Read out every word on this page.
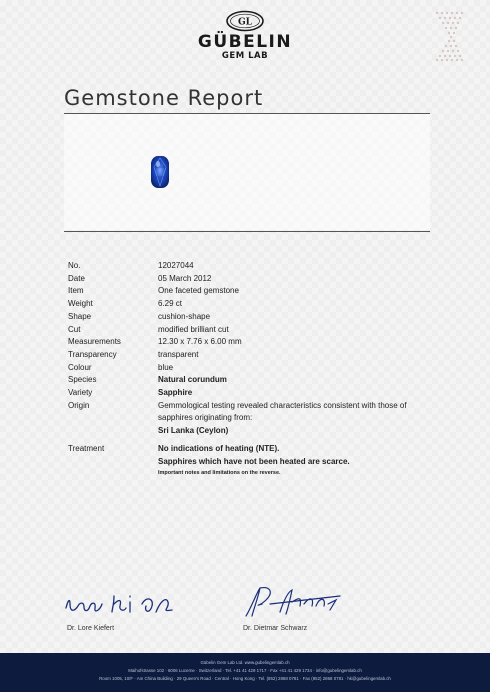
GL
GÜBELIN
GEM LAB
Gemstone Report
No.	12027044
Date	05 March 2012
Item	One faceted gemstone
Weight	6.29 ct
Shape	cushion-shape
Cut	modified brilliant cut
Measurements	12.30 x 7.76 x 6.00 mm
Transparency	transparent
Colour	blue
Species	Natural corundum
Variety	Sapphire
Origin	Gemmological testing revealed characteristics consistent with those of
sapphires originating from:
Sri Lanka (Ceylon)
Treatment	No indications of heating (NTE).
Sapphires which have not been heated are scarce.
Important notes and limitations on the reverse.
Dr. Lore Kiefert	Dr. Dietmar Schwarz
Gübelin Gem Lab Ltd. www.gubelingemlab.ch
Maihofstrasse 102 · 6006 Lucerne · Switzerland · Tel. +41 41 429 1717 · Fax +41 41 429 1734 · info@gubelingemlab.ch
Room 1005, 10/F · Am China Building · 29 Queen's Road · Central · Hong Kong · Tel. (852) 2868 0781 · Fax (852) 2868 0781 · hk@gubelingemlab.ch
